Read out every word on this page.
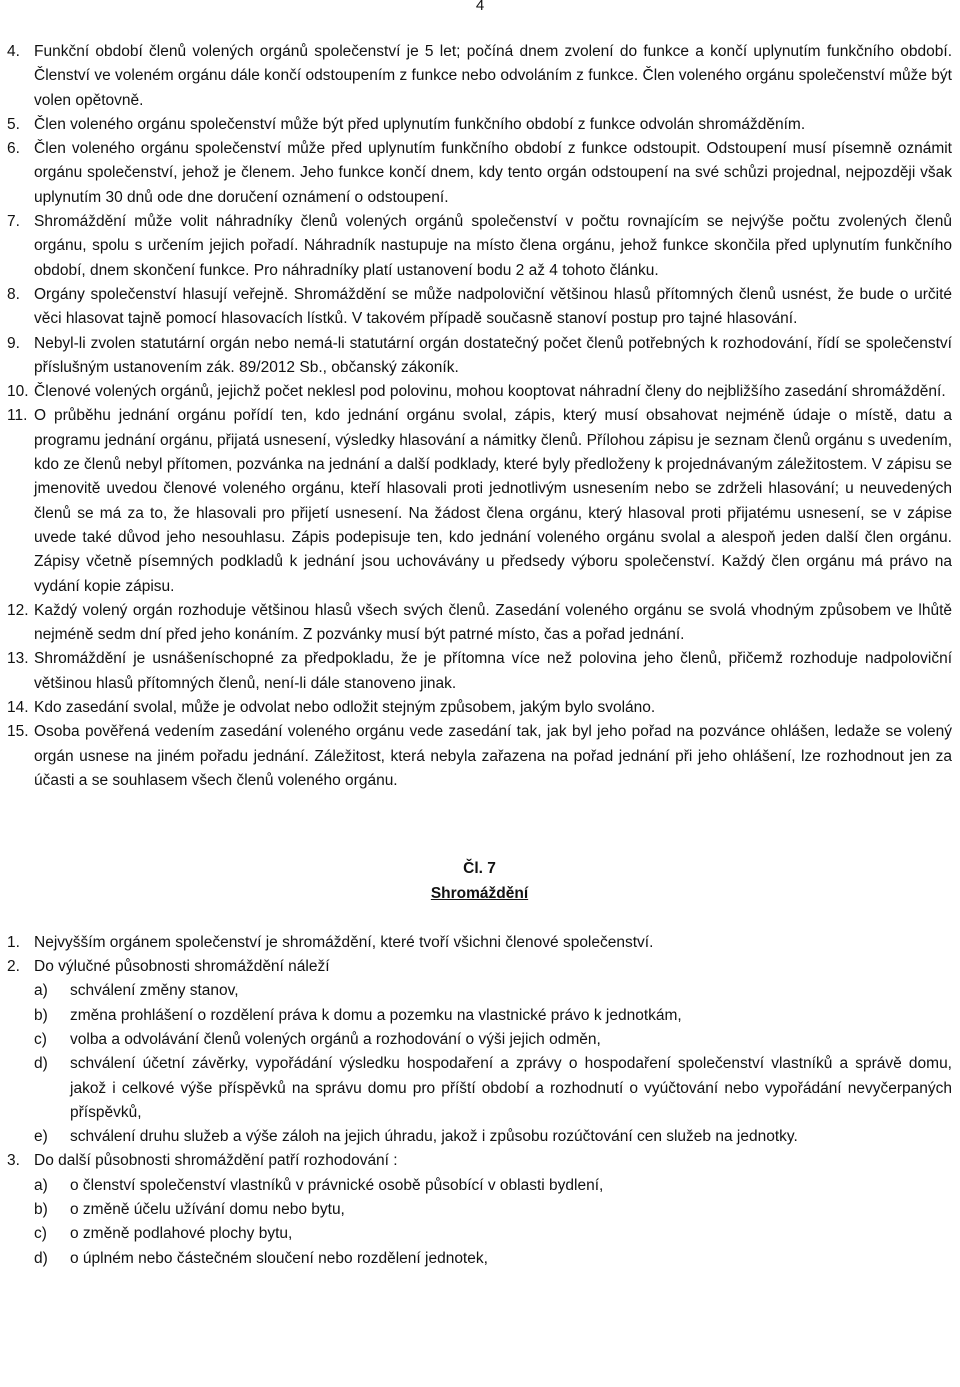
4
4. Funkční období členů volených orgánů společenství je 5 let; počíná dnem zvolení do funkce a končí uplynutím funkčního období. Členství ve voleném orgánu dále končí odstoupením z funkce nebo odvoláním z funkce. Člen voleného orgánu společenství může být volen opětovně.
5. Člen voleného orgánu společenství může být před uplynutím funkčního období z funkce odvolán shromážděním.
6. Člen voleného orgánu společenství může před uplynutím funkčního období z funkce odstoupit. Odstoupení musí písemně oznámit orgánu společenství, jehož je členem. Jeho funkce končí dnem, kdy tento orgán odstoupení na své schůzi projednal, nejpozději však uplynutím 30 dnů ode dne doručení oznámení o odstoupení.
7. Shromáždění může volit náhradníky členů volených orgánů společenství v počtu rovnajícím se nejvýše počtu zvolených členů orgánu, spolu s určením jejich pořadí. Náhradník nastupuje na místo člena orgánu, jehož funkce skončila před uplynutím funkčního období, dnem skončení funkce. Pro náhradníky platí ustanovení bodu 2 až 4 tohoto článku.
8. Orgány společenství hlasují veřejně. Shromáždění se může nadpoloviční většinou hlasů přítomných členů usnést, že bude o určité věci hlasovat tajně pomocí hlasovacích lístků. V takovém případě současně stanoví postup pro tajné hlasování.
9. Nebyl-li zvolen statutární orgán nebo nemá-li statutární orgán dostatečný počet členů potřebných k rozhodování, řídí se společenství příslušným ustanovením zák. 89/2012 Sb., občanský zákoník.
10. Členové volených orgánů, jejichž počet neklesl pod polovinu, mohou kooptovat náhradní členy do nejbližšího zasedání shromáždění.
11. O průběhu jednání orgánu pořídí ten, kdo jednání orgánu svolal, zápis, který musí obsahovat nejméně údaje o místě, datu a programu jednání orgánu, přijatá usnesení, výsledky hlasování a námitky členů. Přílohou zápisu je seznam členů orgánu s uvedením, kdo ze členů nebyl přítomen, pozvánka na jednání a další podklady, které byly předloženy k projednávaným záležitostem. V zápisu se jmenovitě uvedou členové voleného orgánu, kteří hlasovali proti jednotlivým usnesením nebo se zdrželi hlasování; u neuvedených členů se má za to, že hlasovali pro přijetí usnesení. Na žádost člena orgánu, který hlasoval proti přijatému usnesení, se v zápise uvede také důvod jeho nesouhlasu. Zápis podepisuje ten, kdo jednání voleného orgánu svolal a alespoň jeden další člen orgánu. Zápisy včetně písemných podkladů k jednání jsou uchovávány u předsedy výboru společenství. Každý člen orgánu má právo na vydání kopie zápisu.
12. Každý volený orgán rozhoduje většinou hlasů všech svých členů. Zasedání voleného orgánu se svolá vhodným způsobem ve lhůtě nejméně sedm dní před jeho konáním. Z pozvánky musí být patrné místo, čas a pořad jednání.
13. Shromáždění je usnášeníschopné za předpokladu, že je přítomna více než polovina jeho členů, přičemž rozhoduje nadpoloviční většinou hlasů přítomných členů, není-li dále stanoveno jinak.
14. Kdo zasedání svolal, může je odvolat nebo odložit stejným způsobem, jakým bylo svoláno.
15. Osoba pověřená vedením zasedání voleného orgánu vede zasedání tak, jak byl jeho pořad na pozvánce ohlášen, ledaže se volený orgán usnese na jiném pořadu jednání. Záležitost, která nebyla zařazena na pořad jednání při jeho ohlášení, lze rozhodnout jen za účasti a se souhlasem všech členů voleného orgánu.
Čl. 7
Shromáždění
1. Nejvyšším orgánem společenství je shromáždění, které tvoří všichni členové společenství.
2. Do výlučné působnosti shromáždění náleží
a)	schválení změny stanov,
b)	změna prohlášení o rozdělení práva k domu a pozemku na vlastnické právo k jednotkám,
c)	volba a odvolávání členů volených orgánů a rozhodování o výši jejich odměn,
d)	schválení účetní závěrky, vypořádání výsledku hospodaření a zprávy o hospodaření společenství vlastníků a správě domu, jakož i celkové výše příspěvků na správu domu pro příští období a rozhodnutí o vyúčtování nebo vypořádání nevyčerpaných příspěvků,
e)	schválení druhu služeb a výše záloh na jejich úhradu, jakož i způsobu rozúčtování cen služeb na jednotky.
3. Do další působnosti shromáždění patří rozhodování :
a)	o členství společenství vlastníků v právnické osobě působící v oblasti bydlení,
b)	o změně účelu užívání domu nebo bytu,
c)	o změně podlahové plochy bytu,
d)	o úplném nebo částečném sloučení nebo rozdělení jednotek,
